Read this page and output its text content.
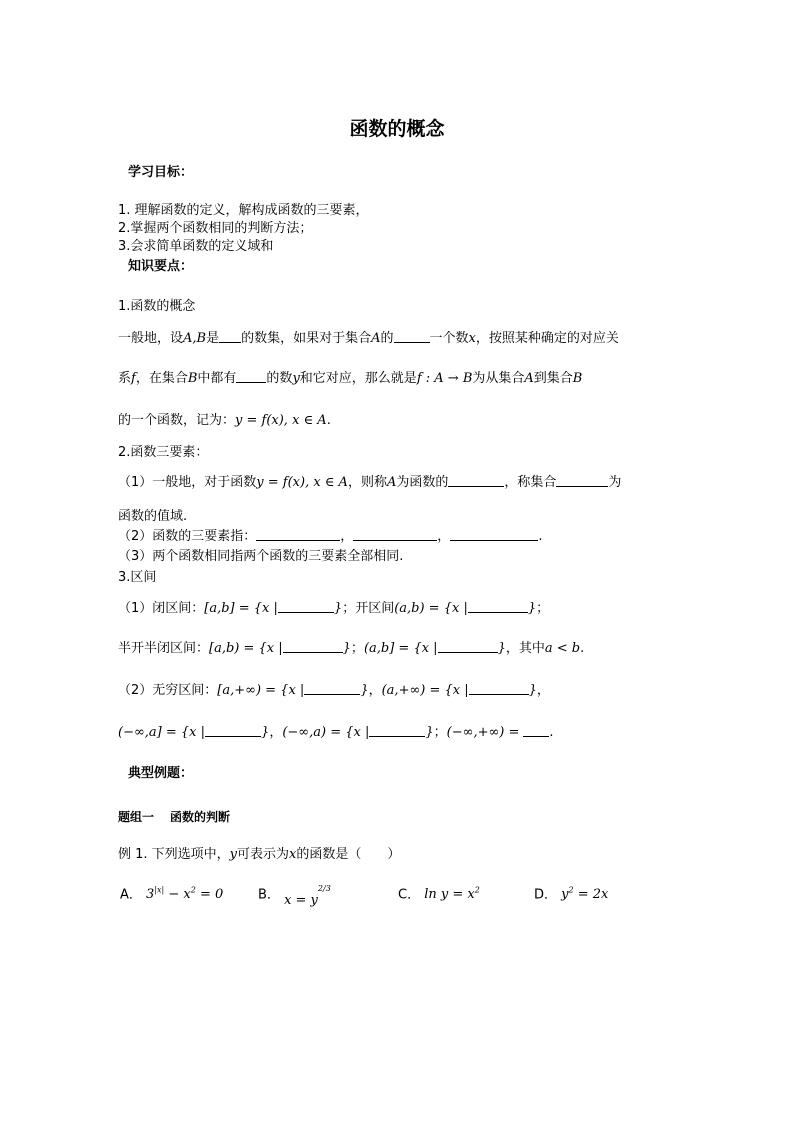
函数的概念
学习目标：
1. 理解函数的定义，解构成函数的三要素，
2.掌握两个函数相同的判断方法；
3.会求简单函数的定义域和
知识要点：
1.函数的概念
一般地，设A,B是 的数集，如果对于集合A的	一个数x，按照某种确定的对应关
系f，在集合B中都有 的数y和它对应，那么就是f : A → B为从集合A到集合B
的一个函数，记为：y = f(x), x ∈ A.
2.函数三要素：
（1）一般地，对于函数y = f(x), x ∈ A，则称A为函数的	，称集合	为
函数的值域.
（2）函数的三要素指：	，	，	.
（3）两个函数相同指两个函数的三要素全部相同.
3.区间
（1）闭区间：[a,b] = {x |	}；开区间(a,b) = {x |	}；
半开半闭区间：[a,b) = {x |	}；(a,b] = {x |	}，其中a < b.
（2）无穷区间：[a,+∞) = {x |	}，(a,+∞) = {x |	}，
(−∞,a] = {x |	}，(−∞,a) = {x |	}；(−∞,+∞) = .
典型例题：
题组一 函数的判断
例 1. 下列选项中，y可表示为x的函数是（　　）
A． $3^{|x|} - x^2 = 0$	B． $x = y^{2/3}$	C． $\ln y = x^2$	D． $y^2 = 2x$
